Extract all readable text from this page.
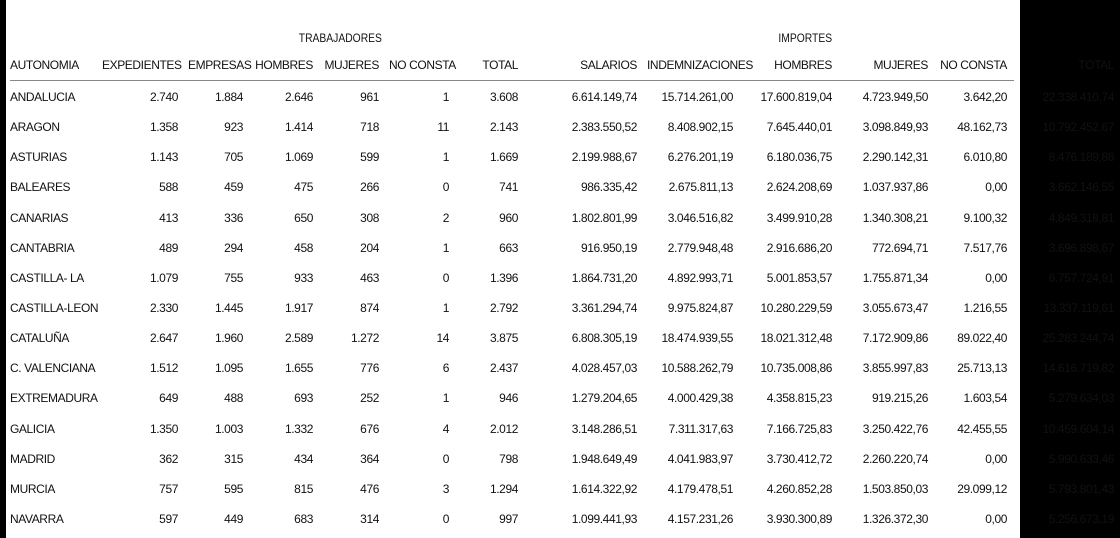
TRABAJADORES	IMPORTES
AUTONOMIA	EXPEDIENTES	EMPRESAS	HOMBRES	MUJERES	NO CONSTA	TOTAL	SALARIOS	INDEMNIZACIONES	HOMBRES	MUJERES	NO CONSTA	TOTAL
ANDALUCIA	2.740	1.884	2.646	961	1	3.608	6.614.149,74	15.714.261,00	17.600.819,04	4.723.949,50	3.642,20	22.338.410,74
ARAGON	1.358	923	1.414	718	11	2.143	2.383.550,52	8.408.902,15	7.645.440,01	3.098.849,93	48.162,73	10.792.452,67
ASTURIAS	1.143	705	1.069	599	1	1.669	2.199.988,67	6.276.201,19	6.180.036,75	2.290.142,31	6.010,80	8.476.189,86
BALEARES	588	459	475	266	0	741	986.335,42	2.675.811,13	2.624.208,69	1.037.937,86	0,00	3.662.146,55
CANARIAS	413	336	650	308	2	960	1.802.801,99	3.046.516,82	3.499.910,28	1.340.308,21	9.100,32	4.849.318,81
CANTABRIA	489	294	458	204	1	663	916.950,19	2.779.948,48	2.916.686,20	772.694,71	7.517,76	3.696.898,67
CASTILLA- LA	1.079	755	933	463	0	1.396	1.864.731,20	4.892.993,71	5.001.853,57	1.755.871,34	0,00	6.757.724,91
CASTILLA-LEON	2.330	1.445	1.917	874	1	2.792	3.361.294,74	9.975.824,87	10.280.229,59	3.055.673,47	1.216,55	13.337.119,61
CATALUÑA	2.647	1.960	2.589	1.272	14	3.875	6.808.305,19	18.474.939,55	18.021.312,48	7.172.909,86	89.022,40	25.283.244,74
C. VALENCIANA	1.512	1.095	1.655	776	6	2.437	4.028.457,03	10.588.262,79	10.735.008,86	3.855.997,83	25.713,13	14.616.719,82
EXTREMADURA	649	488	693	252	1	946	1.279.204,65	4.000.429,38	4.358.815,23	919.215,26	1.603,54	5.279.634,03
GALICIA	1.350	1.003	1.332	676	4	2.012	3.148.286,51	7.311.317,63	7.166.725,83	3.250.422,76	42.455,55	10.459.604,14
MADRID	362	315	434	364	0	798	1.948.649,49	4.041.983,97	3.730.412,72	2.260.220,74	0,00	5.990.633,46
MURCIA	757	595	815	476	3	1.294	1.614.322,92	4.179.478,51	4.260.852,28	1.503.850,03	29.099,12	5.793.801,43
NAVARRA	597	449	683	314	0	997	1.099.441,93	4.157.231,26	3.930.300,89	1.326.372,30	0,00	5.256.673,19
